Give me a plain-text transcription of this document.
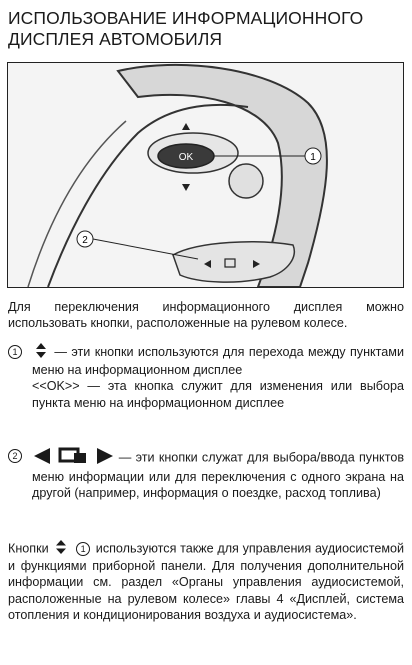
ИСПОЛЬЗОВАНИЕ ИНФОРМАЦИОННОГО ДИСПЛЕЯ АВТОМОБИЛЯ
OK	1
2
Для переключения информационного дисплея можно использовать кнопки, расположенные на рулевом колесе.
1	— эти кнопки используются для перехода между пунктами меню на информационном дисплее
<<OK>> — эта кнопка служит для изменения или выбора пункта меню на информационном дисплее
2	— эти кнопки служат для выбора/ввода пунктов меню информации или для переключения с одного экрана на другой (например, информация о поездке, расход топлива)
Кнопки	1 используются также для управления аудиосистемой и функциями приборной панели. Для получения дополнительной информации см. раздел «Органы управления аудиосистемой, расположенные на рулевом колесе» главы 4 «Дисплей, система отопления и кондиционирования воздуха и аудиосистема».
